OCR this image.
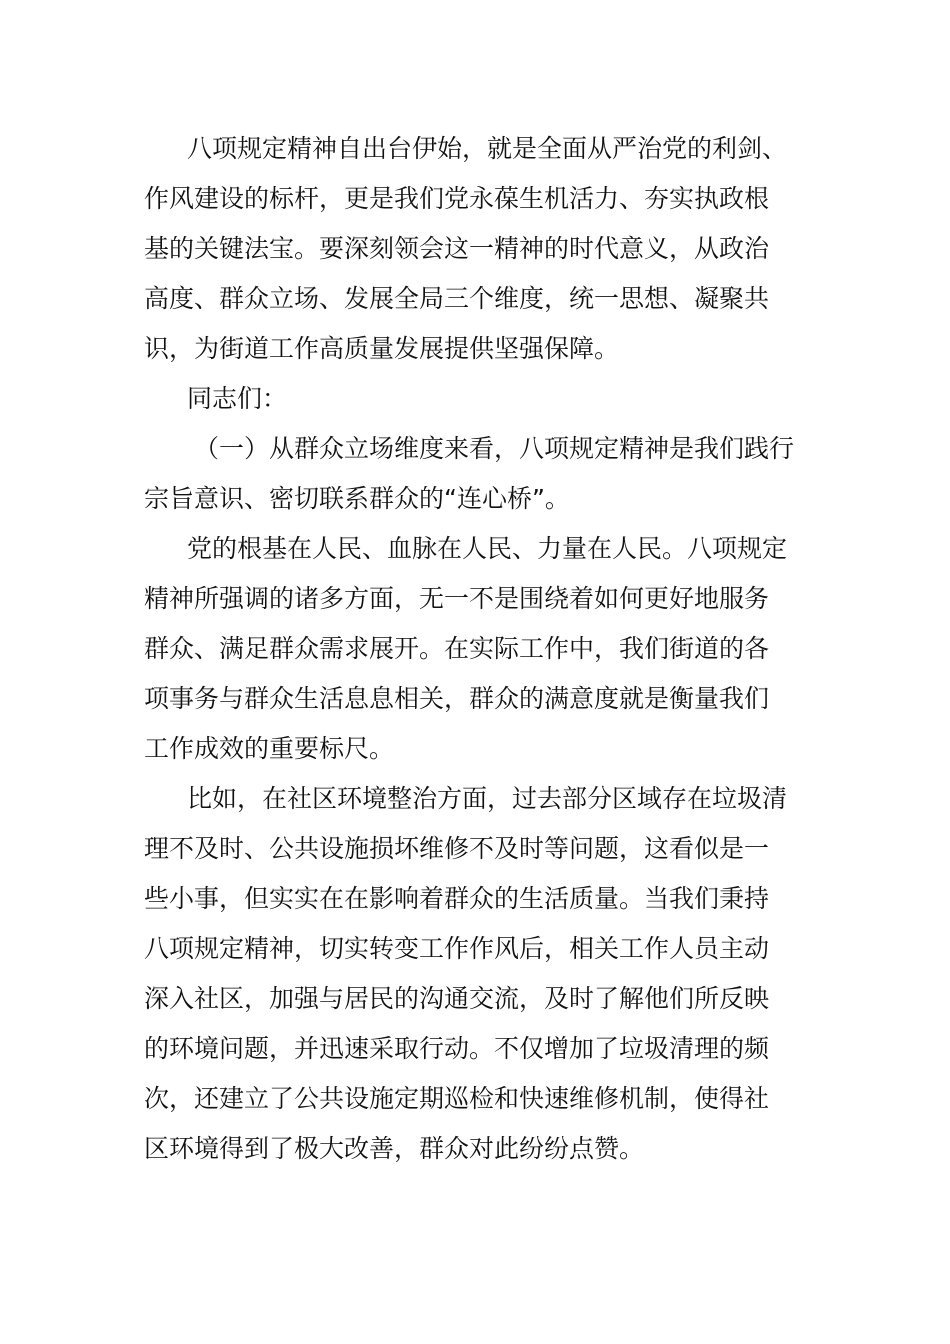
八项规定精神自出台伊始，就是全面从严治党的利剑、
作风建设的标杆，更是我们党永葆生机活力、夯实执政根
基的关键法宝。要深刻领会这一精神的时代意义，从政治
高度、群众立场、发展全局三个维度，统一思想、凝聚共
识，为街道工作高质量发展提供坚强保障。
同志们：
（一）从群众立场维度来看，八项规定精神是我们践行
宗旨意识、密切联系群众的“连心桥”。
党的根基在人民、血脉在人民、力量在人民。八项规定
精神所强调的诸多方面，无一不是围绕着如何更好地服务
群众、满足群众需求展开。在实际工作中，我们街道的各
项事务与群众生活息息相关，群众的满意度就是衡量我们
工作成效的重要标尺。
比如，在社区环境整治方面，过去部分区域存在垃圾清
理不及时、公共设施损坏维修不及时等问题，这看似是一
些小事，但实实在在影响着群众的生活质量。当我们秉持
八项规定精神，切实转变工作作风后，相关工作人员主动
深入社区，加强与居民的沟通交流，及时了解他们所反映
的环境问题，并迅速采取行动。不仅增加了垃圾清理的频
次，还建立了公共设施定期巡检和快速维修机制，使得社
区环境得到了极大改善，群众对此纷纷点赞。
